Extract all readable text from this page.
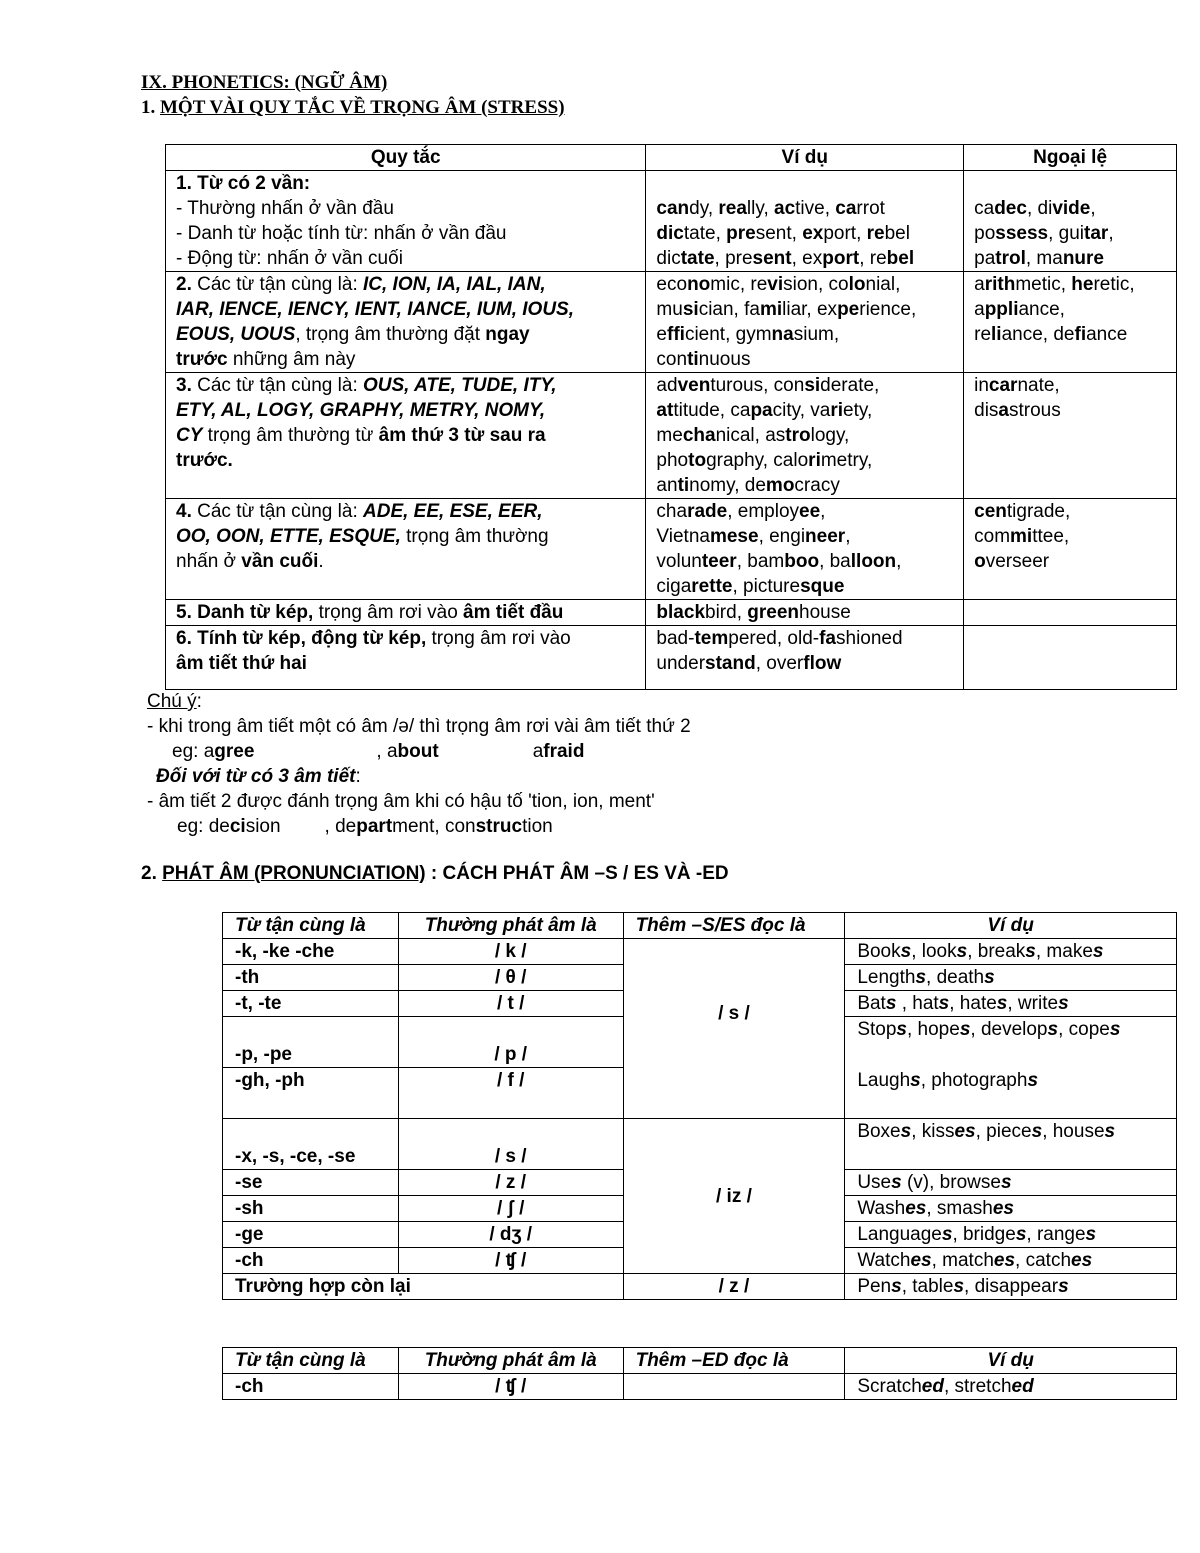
IX. PHONETICS: (NGỮ ÂM)
1. MỘT VÀI QUY TẮC VỀ TRỌNG ÂM (STRESS)
Quy tắc	Ví dụ	Ngoại lệ
1. Từ có 2 vần:
- Thường nhấn ở vần đầu
- Danh từ hoặc tính từ: nhấn ở vần đầu
- Động từ: nhấn ở vần cuối	candy, really, active, carrot
dictate, present, export, rebel
dictate, present, export, rebel	cadec, divide,
possess, guitar,
patrol, manure
2. Các từ tận cùng là: IC, ION, IA, IAL, IAN,
IAR, IENCE, IENCY, IENT, IANCE, IUM, IOUS,
EOUS, UOUS, trọng âm thường đặt ngay
trước những âm này	economic, revision, colonial,
musician, familiar, experience,
efficient, gymnasium,
continuous	arithmetic, heretic,
appliance,
reliance, defiance
3. Các từ tận cùng là: OUS, ATE, TUDE, ITY,
ETY, AL, LOGY, GRAPHY, METRY, NOMY,
CY trọng âm thường từ âm thứ 3 từ sau ra
trước.	adventurous, considerate,
attitude, capacity, variety,
mechanical, astrology,
photography, calorimetry,
antinomy, democracy	incarnate,
disastrous
4. Các từ tận cùng là: ADE, EE, ESE, EER,
OO, OON, ETTE, ESQUE, trọng âm thường
nhấn ở vần cuối.	charade, employee,
Vietnamese, engineer,
volunteer, bamboo, balloon,
cigarette, picturesque	centigrade,
committee,
overseer
5. Danh từ kép, trọng âm rơi vào âm tiết đầu	blackbird, greenhouse	
6. Tính từ kép, động từ kép, trọng âm rơi vào
âm tiết thứ hai	bad-tempered, old-fashioned
understand, overflow	
Chú ý:
- khi trong âm tiết một có âm /ə/ thì trọng âm rơi vài âm tiết thứ 2
eg: agree	, about	afraid
Đối với từ có 3 âm tiết:
- âm tiết 2 được đánh trọng âm khi có hậu tố 'tion, ion, ment'
eg: decision , department, construction
2. PHÁT ÂM (PRONUNCIATION) : CÁCH PHÁT ÂM –S / ES VÀ -ED
Từ tận cùng là	Thường phát âm là	Thêm –S/ES đọc là	Ví dụ
-k, -ke -che	/ k /	/ s /	Books, looks, breaks, makes
-th	/ θ /		Lengths, deaths
-t, -te	/ t /		Bats , hats, hates, writes
-p, -pe	/ p /		Stops, hopes, develops, copes
-gh, -ph	/ f /		Laughs, photographs
-x, -s, -ce, -se	/ s /	/ iz /	Boxes, kisses, pieces, houses
-se	/ z /		Uses (v), browses
-sh	/ ʃ /		Washes, smashes
-ge	/ dʒ /		Languages, bridges, ranges
-ch	/ ʧ /		Watches, matches, catches
Trường hợp còn lại		/ z /	Pens, tables, disappears
Từ tận cùng là	Thường phát âm là	Thêm –ED đọc là	Ví dụ
-ch	/ ʧ /		Scratched, stretched
